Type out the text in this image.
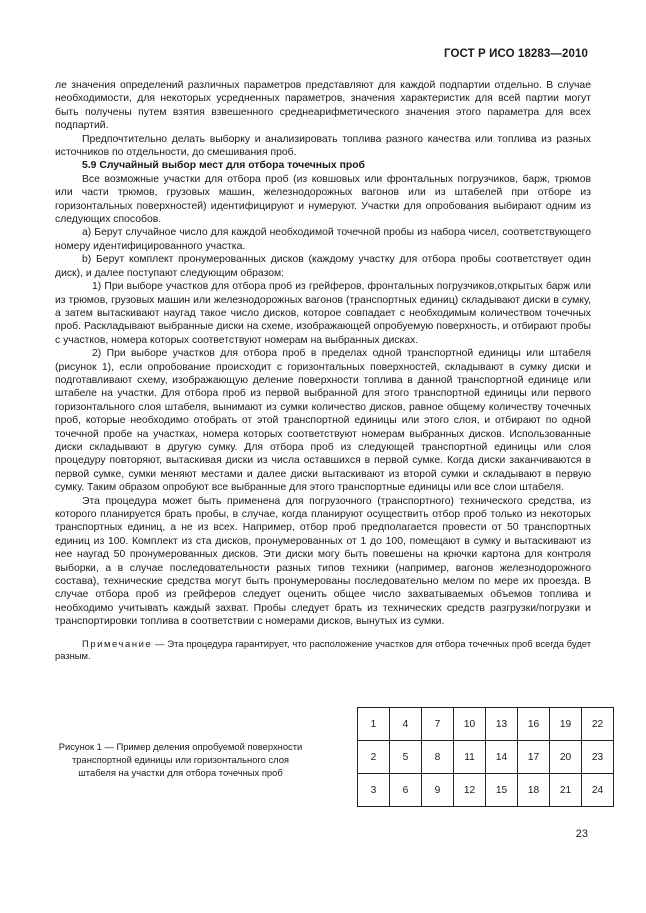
ГОСТ Р ИСО 18283—2010

ле значения определений различных параметров представляют для каждой подпартии отдельно. В случае необходимости, для некоторых усредненных параметров, значения характеристик для всей партии могут быть получены путем взятия взвешенного среднеарифметического значения этого параметра для всех подпартий.

Предпочтительно делать выборку и анализировать топлива разного качества или топлива из разных источников по отдельности, до смешивания проб.

5.9 Случайный выбор мест для отбора точечных проб

Все возможные участки для отбора проб (из ковшовых или фронтальных погрузчиков, барж, трюмов или части трюмов, грузовых машин, железнодорожных вагонов или из штабелей при отборе из горизонтальных поверхностей) идентифицируют и нумеруют. Участки для опробования выбирают одним из следующих способов.

a) Берут случайное число для каждой необходимой точечной пробы из набора чисел, соответствующего номеру идентифицированного участка.

b) Берут комплект пронумерованных дисков (каждому участку для отбора пробы соответствует один диск), и далее поступают следующим образом:

1) При выборе участков для отбора проб из грейферов, фронтальных погрузчиков,открытых барж или из трюмов, грузовых машин или железнодорожных вагонов (транспортных единиц) складывают диски в сумку, а затем вытаскивают наугад такое число дисков, которое совпадает с необходимым количеством точечных проб. Раскладывают выбранные диски на схеме, изображающей опробуемую поверхность, и отбирают пробы с участков, номера которых соответствуют номерам на выбранных дисках.

2) При выборе участков для отбора проб в пределах одной транспортной единицы или штабеля (рисунок 1), если опробование происходит с горизонтальных поверхностей, складывают в сумку диски и подготавливают схему, изображающую деление поверхности топлива в данной транспортной единице или штабеле на участки. Для отбора проб из первой выбранной для этого транспортной единицы или первого горизонтального слоя штабеля, вынимают из сумки количество дисков, равное общему количеству точечных проб, которые необходимо отобрать от этой транспортной единицы или этого слоя, и отбирают по одной точечной пробе на участках, номера которых соответствуют номерам выбранных дисков. Использованные диски складывают в другую сумку. Для отбора проб из следующей транспортной единицы или слоя процедуру повторяют, вытаскивая диски из числа оставшихся в первой сумке. Когда диски заканчиваются в первой сумке, сумки меняют местами и далее диски вытаскивают из второй сумки и складывают в первую сумку. Таким образом опробуют все выбранные для этого транспортные единицы или все слои штабеля.

Эта процедура может быть применена для погрузочного (транспортного) технического средства, из которого планируется брать пробы, в случае, когда планируют осуществить отбор проб только из некоторых транспортных единиц, а не из всех. Например, отбор проб предполагается провести от 50 транспортных единиц из 100. Комплект из ста дисков, пронумерованных от 1 до 100, помещают в сумку и вытаскивают из нее наугад 50 пронумерованных дисков. Эти диски могу быть повешены на крючки картона для контроля выборки, а в случае последовательности разных типов техники (например, вагонов железнодорожного состава), технические средства могут быть пронумерованы последовательно мелом по мере их проезда. В случае отбора проб из грейферов следует оценить общее число захватываемых объемов топлива и необходимо учитывать каждый захват. Пробы следует брать из технических средств разгрузки/погрузки и транспортировки топлива в соответствии с номерами дисков, вынутых из сумки.

Примечание — Эта процедура гарантирует, что расположение участков для отбора точечных проб всегда будет разным.

Рисунок 1 — Пример деления опробуемой поверхности транспортной единицы или горизонтального слоя штабеля на участки для отбора точечных проб
1	4	7	10	13	16	19	22
2	5	8	11	14	17	20	23
3	6	9	12	15	18	21	24
23
